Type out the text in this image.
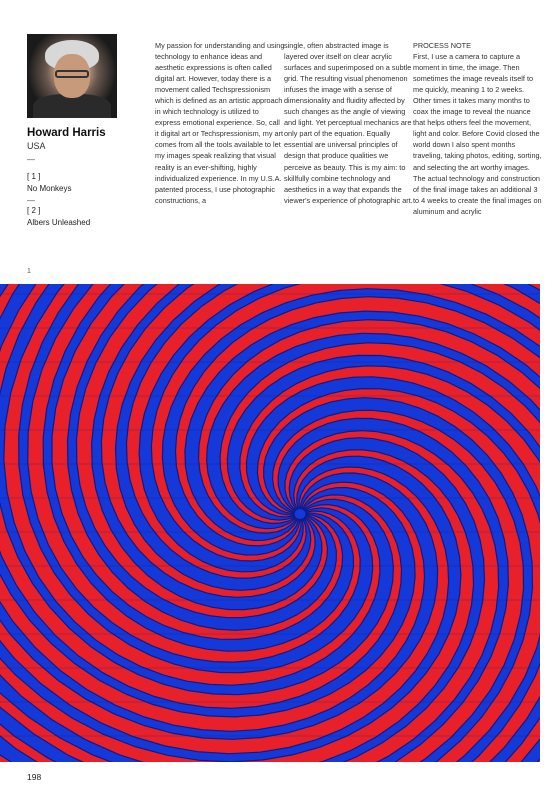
Howard Harris
USA
—
[ 1 ]
No Monkeys
—
[ 2 ]
Albers Unleashed

My passion for understanding and using technology to enhance ideas and aesthetic expressions is often called digital art. However, today there is a movement called Techspressionism which is defined as an artistic approach in which technology is utilized to express emotional experience. So, call it digital art or Techspressionism, my art comes from all the tools available to let my images speak realizing that visual reality is an ever-shifting, highly individualized experience. In my U.S.A. patented process, I use photographic constructions, a

single, often abstracted image is layered over itself on clear acrylic surfaces and superimposed on a subtle grid. The resulting visual phenomenon infuses the image with a sense of dimensionality and fluidity affected by such changes as the angle of viewing and light. Yet perceptual mechanics are only part of the equation. Equally essential are universal principles of design that produce qualities we perceive as beauty. This is my aim: to skillfully combine technology and aesthetics in a way that expands the viewer's experience of photographic art.

PROCESS NOTE

First, I use a camera to capture a moment in time, the image. Then sometimes the image reveals itself to me quickly, meaning 1 to 2 weeks. Other times it takes many months to coax the image to reveal the nuance that helps others feel the movement, light and color. Before Covid closed the world down I also spent months traveling, taking photos, editing, sorting, and selecting the art worthy images. The actual technology and construction of the final image takes an additional 3 to 4 weeks to create the final images on aluminum and acrylic

1
198
